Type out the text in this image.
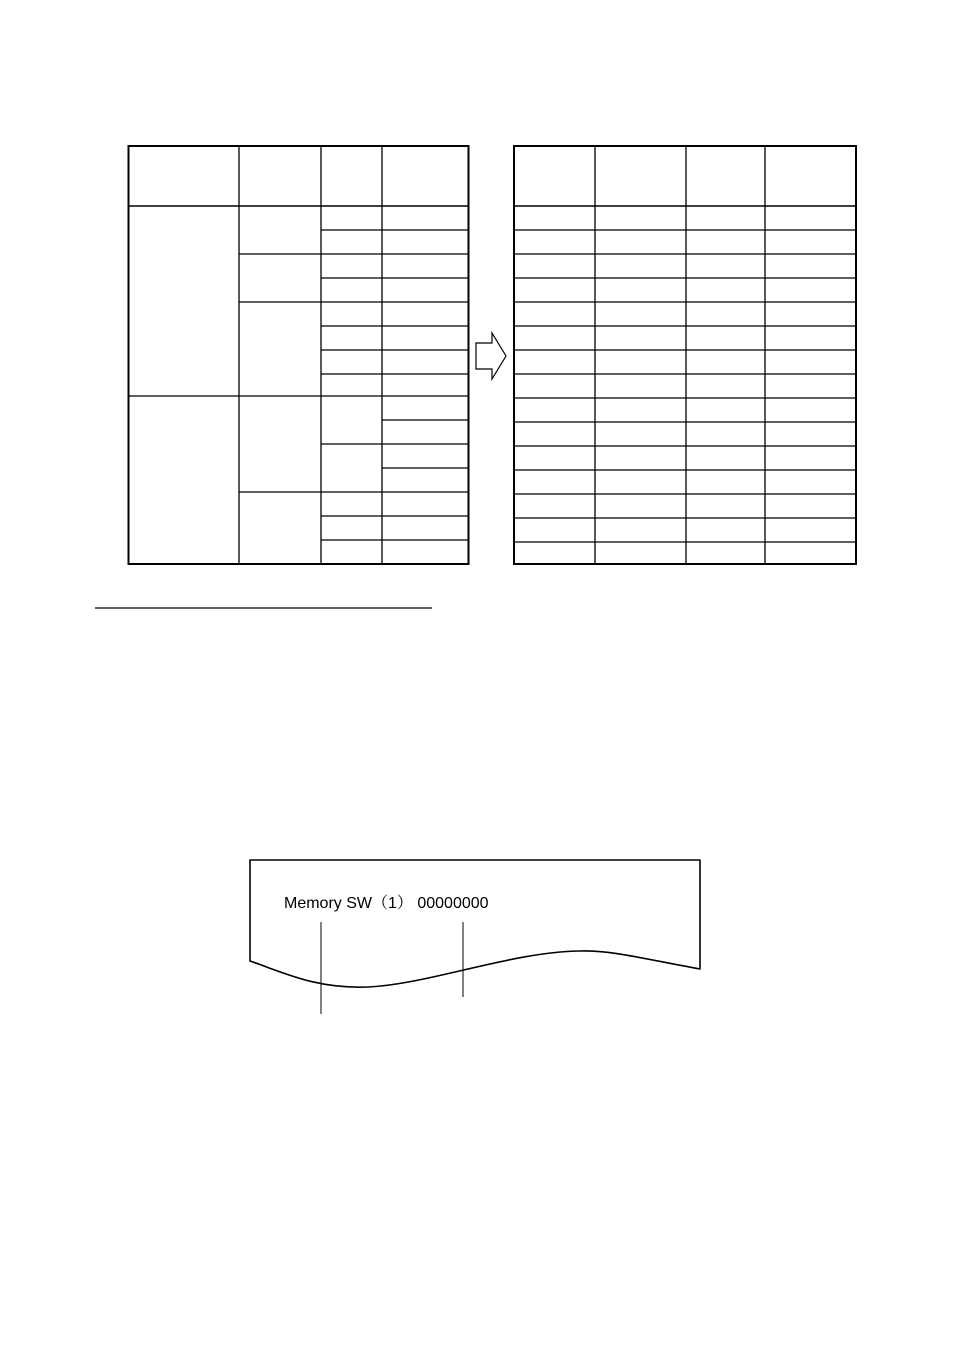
Memory SW（1） 00000000
